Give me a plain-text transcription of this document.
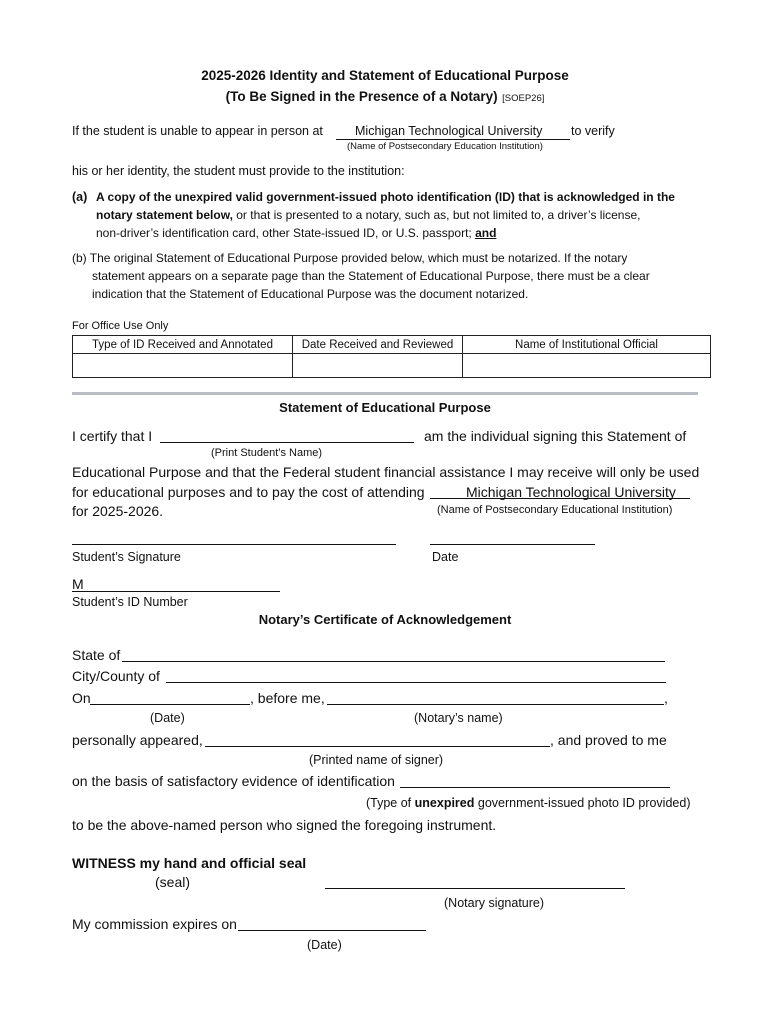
2025-2026 Identity and Statement of Educational Purpose
(To Be Signed in the Presence of a Notary) [SOEP26]
If the student is unable to appear in person at	Michigan Technological University to verify
(Name of Postsecondary Education Institution)
his or her identity, the student must provide to the institution:
(a) A copy of the unexpired valid government-issued photo identification (ID) that is acknowledged in the
notary statement below, or that is presented to a notary, such as, but not limited to, a driver’s license,
non-driver’s identification card, other State-issued ID, or U.S. passport; and
(b) The original Statement of Educational Purpose provided below, which must be notarized. If the notary
statement appears on a separate page than the Statement of Educational Purpose, there must be a clear
indication that the Statement of Educational Purpose was the document notarized.
For Office Use Only
Type of ID Received and Annotated	Date Received and Reviewed	Name of Institutional Official

Statement of Educational Purpose
I certify that I	am the individual signing this Statement of
(Print Student’s Name)
Educational Purpose and that the Federal student financial assistance I may receive will only be used
for educational purposes and to pay the cost of attending	Michigan Technological University
for 2025-2026.	(Name of Postsecondary Educational Institution)
Student’s Signature	Date
M
Student’s ID Number
Notary’s Certificate of Acknowledgement
State of
City/County of
On	, before me,	,
(Date)	(Notary’s name)
personally appeared,	, and proved to me
(Printed name of signer)
on the basis of satisfactory evidence of identification
(Type of unexpired government-issued photo ID provided)
to be the above-named person who signed the foregoing instrument.
WITNESS my hand and official seal
(seal)
(Notary signature)
My commission expires on
(Date)
